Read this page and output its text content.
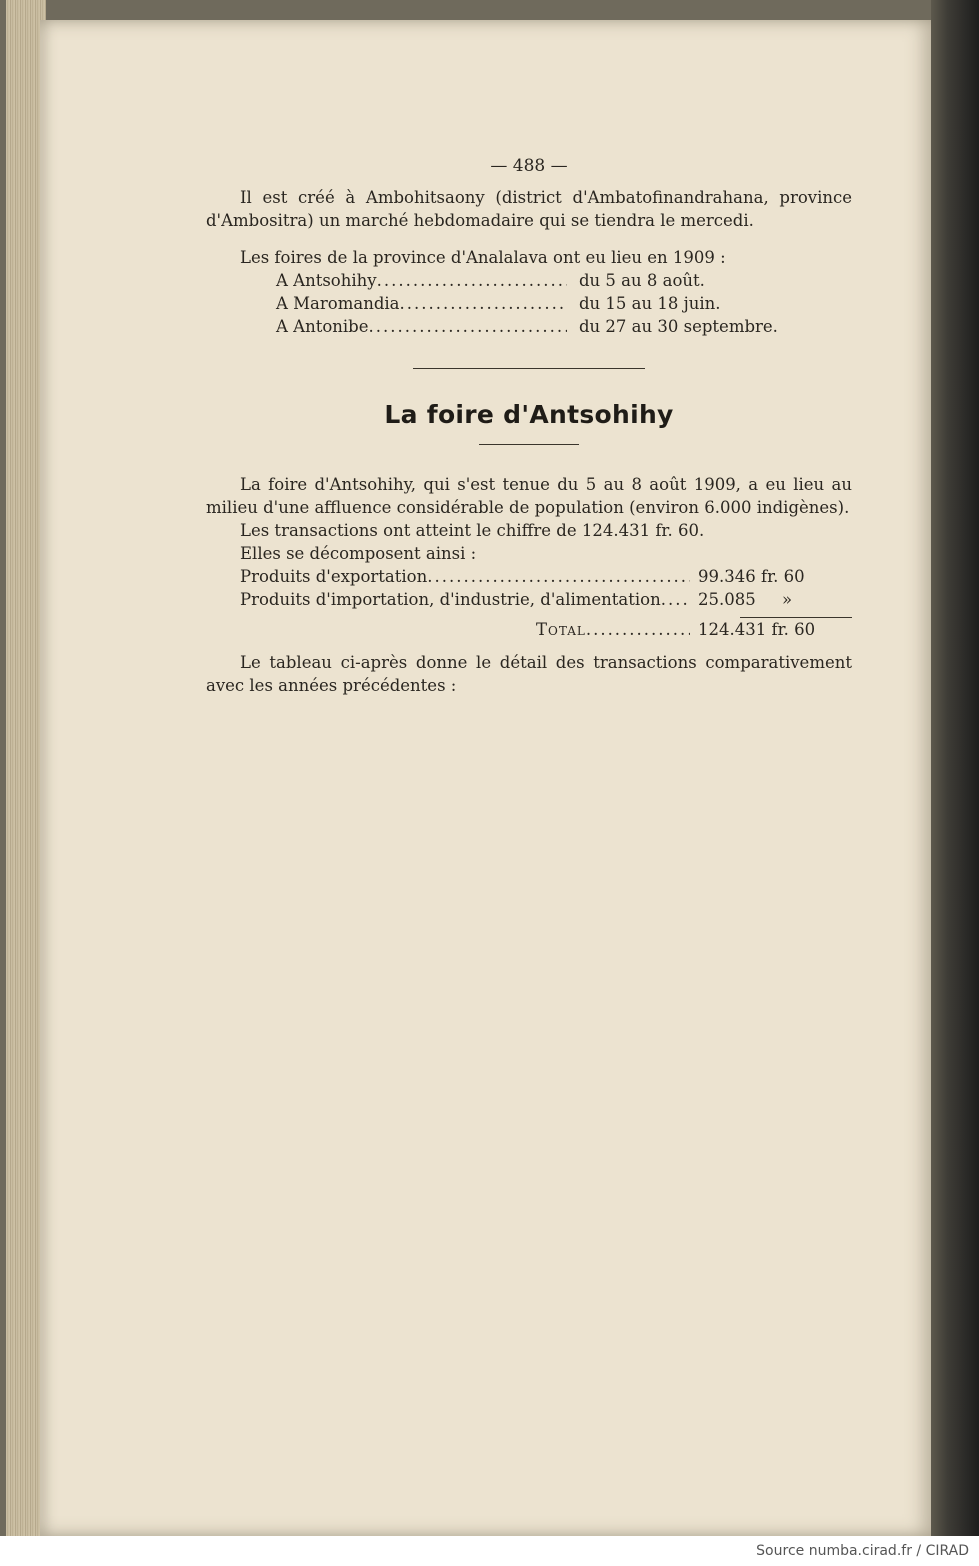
— 488 —

Il est créé à Ambohitsaony (district d'Ambatofinandrahana, province d'Ambositra) un marché hebdomadaire qui se tiendra le mercedi.

Les foires de la province d'Analalava ont eu lieu en 1909 :

A Antsohihy .....	du 5 au 8 août.
A Maromandia .....	du 15 au 18 juin.
A Antonibe .....	du 27 au 30 septembre.
La foire d'Antsohihy

La foire d'Antsohihy, qui s'est tenue du 5 au 8 août 1909, a eu lieu au milieu d'une affluence considérable de population (environ 6.000 indigènes).

Les transactions ont atteint le chiffre de 124.431 fr. 60.

Elles se décomposent ainsi :

Produits d'exportation .....	99.346 fr. 60
Produits d'importation, d'industrie, d'alimentation .....	25.085     »
Total .....	124.431 fr. 60

Le tableau ci-après donne le détail des transactions comparativement avec les années précédentes :

Source numba.cirad.fr / CIRAD
